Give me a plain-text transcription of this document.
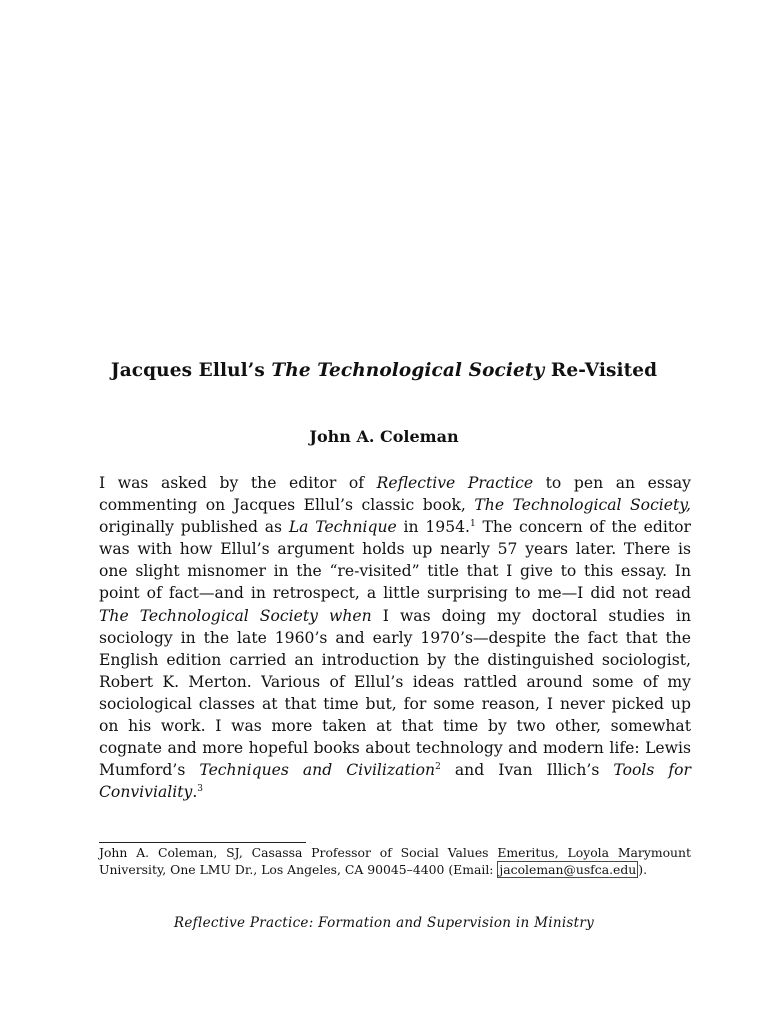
Jacques Ellul’s The Technological Society Re-Visited
John A. Coleman
I was asked by the editor of Reflective Practice to pen an essay commenting on Jacques Ellul’s classic book, The Technological Society, originally published as La Technique in 1954.$^1$ The concern of the editor was with how Ellul’s argument holds up nearly 57 years later. There is one slight misnomer in the “re-visited” title that I give to this essay. In point of fact—and in retrospect, a little surprising to me—I did not read The Technological Society when I was doing my doctoral studies in sociology in the late 1960’s and early 1970’s—despite the fact that the English edition carried an introduction by the distinguished sociologist, Robert K. Merton. Various of Ellul’s ideas rattled around some of my sociological classes at that time but, for some reason, I never picked up on his work. I was more taken at that time by two other, somewhat cognate and more hopeful books about technology and modern life: Lewis Mumford’s Techniques and Civilization$^2$ and Ivan Illich’s Tools for Conviviality.$^3$
John A. Coleman, SJ, Casassa Professor of Social Values Emeritus, Loyola Marymount University, One LMU Dr., Los Angeles, CA 90045–4400 (Email: jacoleman@usfca.edu ).
Reflective Practice: Formation and Supervision in Ministry
